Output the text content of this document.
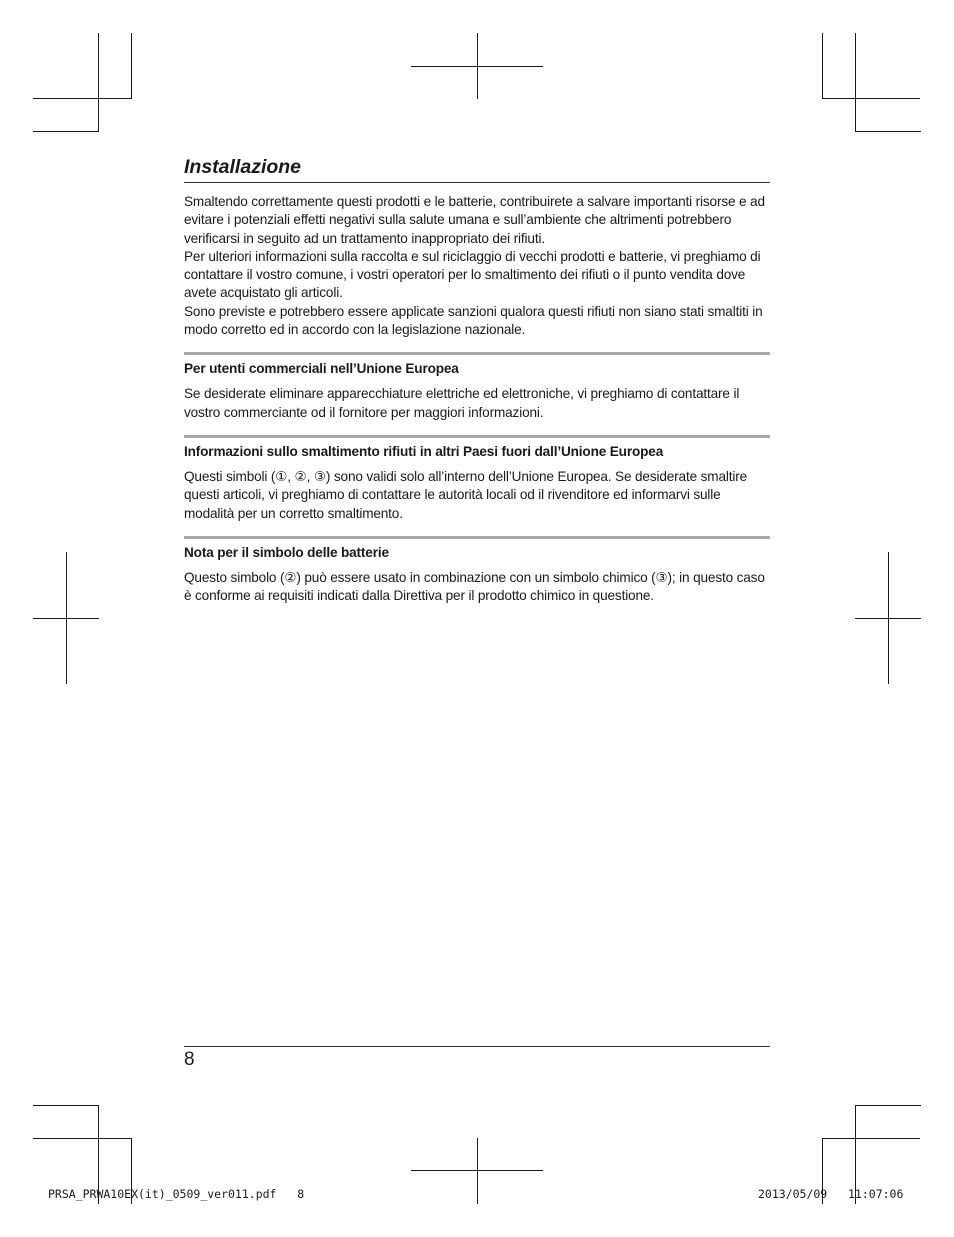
Installazione

Smaltendo correttamente questi prodotti e le batterie, contribuirete a salvare importanti risorse e ad evitare i potenziali effetti negativi sulla salute umana e sull’ambiente che altrimenti potrebbero verificarsi in seguito ad un trattamento inappropriato dei rifiuti.

Per ulteriori informazioni sulla raccolta e sul riciclaggio di vecchi prodotti e batterie, vi preghiamo di contattare il vostro comune, i vostri operatori per lo smaltimento dei rifiuti o il punto vendita dove avete acquistato gli articoli.

Sono previste e potrebbero essere applicate sanzioni qualora questi rifiuti non siano stati smaltiti in modo corretto ed in accordo con la legislazione nazionale.

Per utenti commerciali nell’Unione Europea

Se desiderate eliminare apparecchiature elettriche ed elettroniche, vi preghiamo di contattare il vostro commerciante od il fornitore per maggiori informazioni.

Informazioni sullo smaltimento rifiuti in altri Paesi fuori dall’Unione Europea

Questi simboli (①, ②, ③) sono validi solo all’interno dell’Unione Europea. Se desiderate smaltire questi articoli, vi preghiamo di contattare le autorità locali od il rivenditore ed informarvi sulle modalità per un corretto smaltimento.

Nota per il simbolo delle batterie

Questo simbolo (②) può essere usato in combinazione con un simbolo chimico (③); in questo caso è conforme ai requisiti indicati dalla Direttiva per il prodotto chimico in questione.

8
PRSA_PRWA10EX(it)_0509_ver011.pdf   8	2013/05/09   11:07:06
